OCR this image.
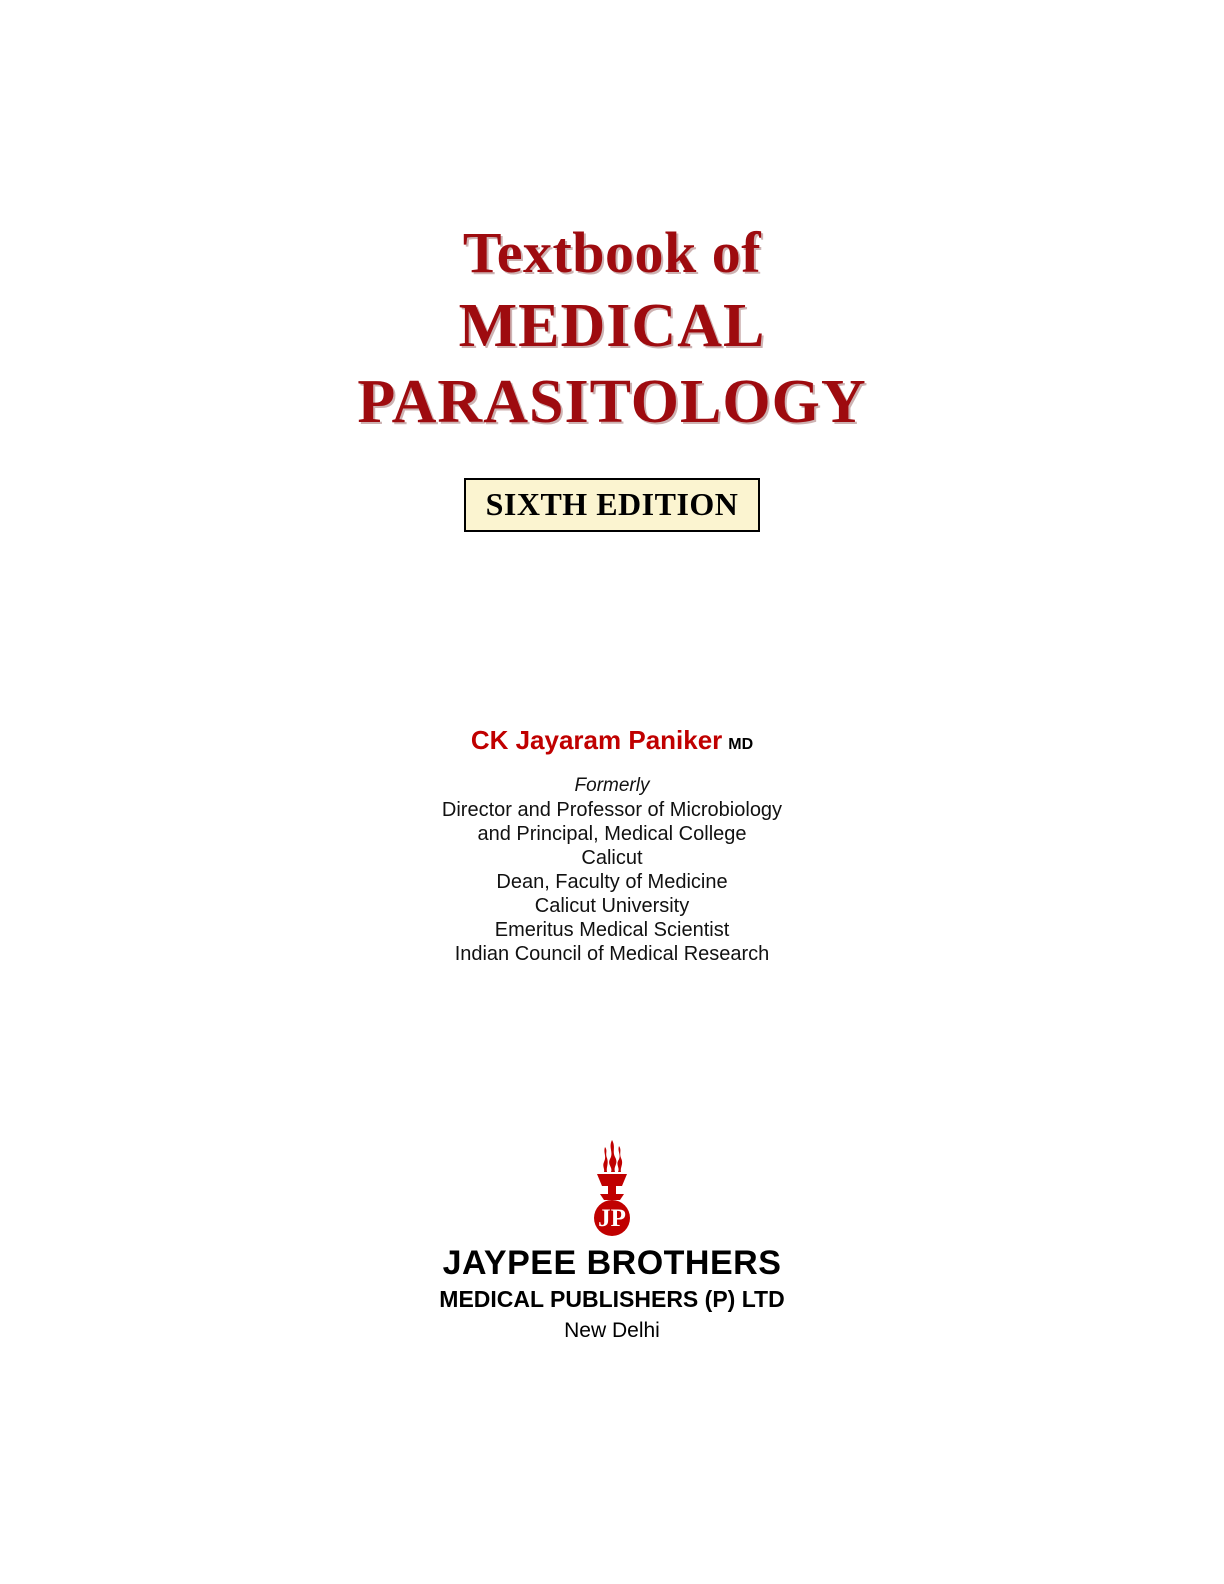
Textbook of
MEDICAL
PARASITOLOGY
SIXTH EDITION
CK Jayaram Paniker MD
Formerly
Director and Professor of Microbiology
and Principal, Medical College
Calicut
Dean, Faculty of Medicine
Calicut University
Emeritus Medical Scientist
Indian Council of Medical Research
JP
JAYPEE BROTHERS
MEDICAL PUBLISHERS (P) LTD
New Delhi
